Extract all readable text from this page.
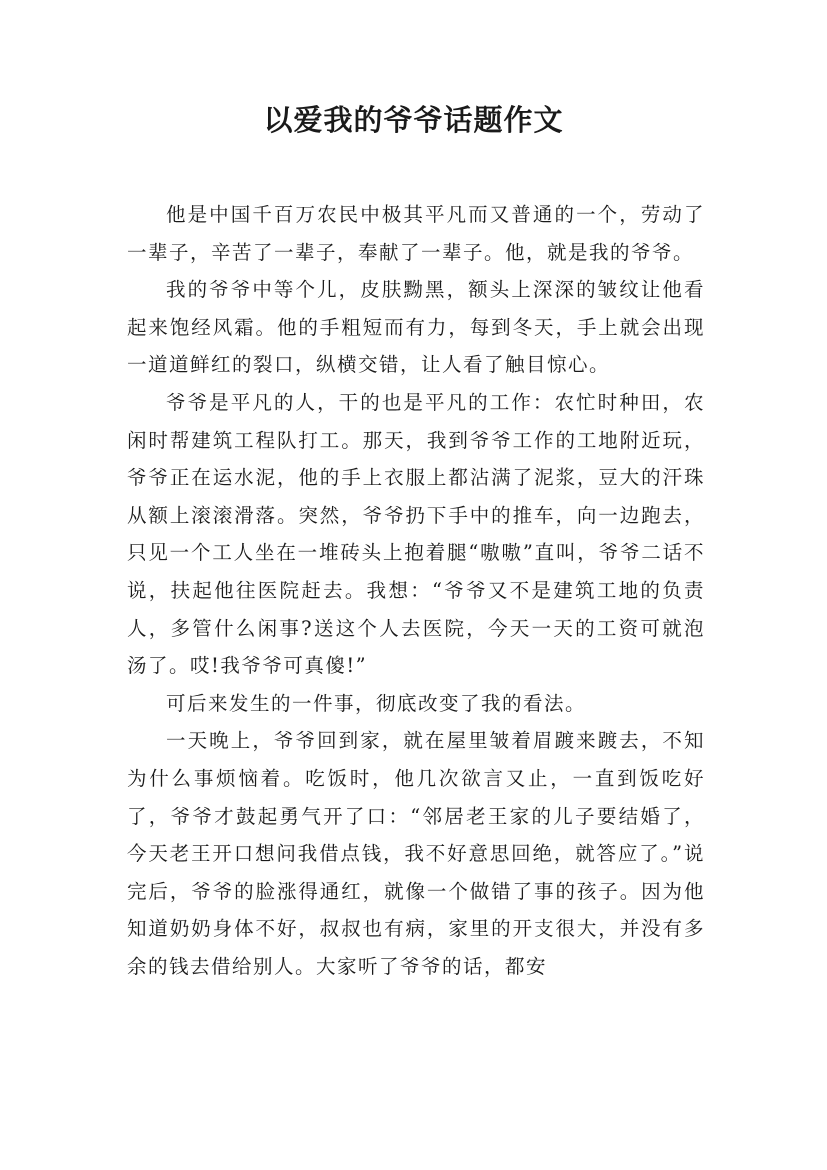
以爱我的爷爷话题作文

他是中国千百万农民中极其平凡而又普通的一个，劳动了一辈子，辛苦了一辈子，奉献了一辈子。他，就是我的爷爷。

我的爷爷中等个儿，皮肤黝黑，额头上深深的皱纹让他看起来饱经风霜。他的手粗短而有力，每到冬天，手上就会出现一道道鲜红的裂口，纵横交错，让人看了触目惊心。

爷爷是平凡的人，干的也是平凡的工作：农忙时种田，农闲时帮建筑工程队打工。那天，我到爷爷工作的工地附近玩，爷爷正在运水泥，他的手上衣服上都沾满了泥浆，豆大的汗珠从额上滚滚滑落。突然，爷爷扔下手中的推车，向一边跑去，只见一个工人坐在一堆砖头上抱着腿“嗷嗷”直叫，爷爷二话不说，扶起他往医院赶去。我想：“爷爷又不是建筑工地的负责人，多管什么闲事?送这个人去医院，今天一天的工资可就泡汤了。哎!我爷爷可真傻!”

可后来发生的一件事，彻底改变了我的看法。

一天晚上，爷爷回到家，就在屋里皱着眉踱来踱去，不知为什么事烦恼着。吃饭时，他几次欲言又止，一直到饭吃好了，爷爷才鼓起勇气开了口：“邻居老王家的儿子要结婚了，今天老王开口想问我借点钱，我不好意思回绝，就答应了。”说完后，爷爷的脸涨得通红，就像一个做错了事的孩子。因为他知道奶奶身体不好，叔叔也有病，家里的开支很大，并没有多余的钱去借给别人。大家听了爷爷的话，都安
